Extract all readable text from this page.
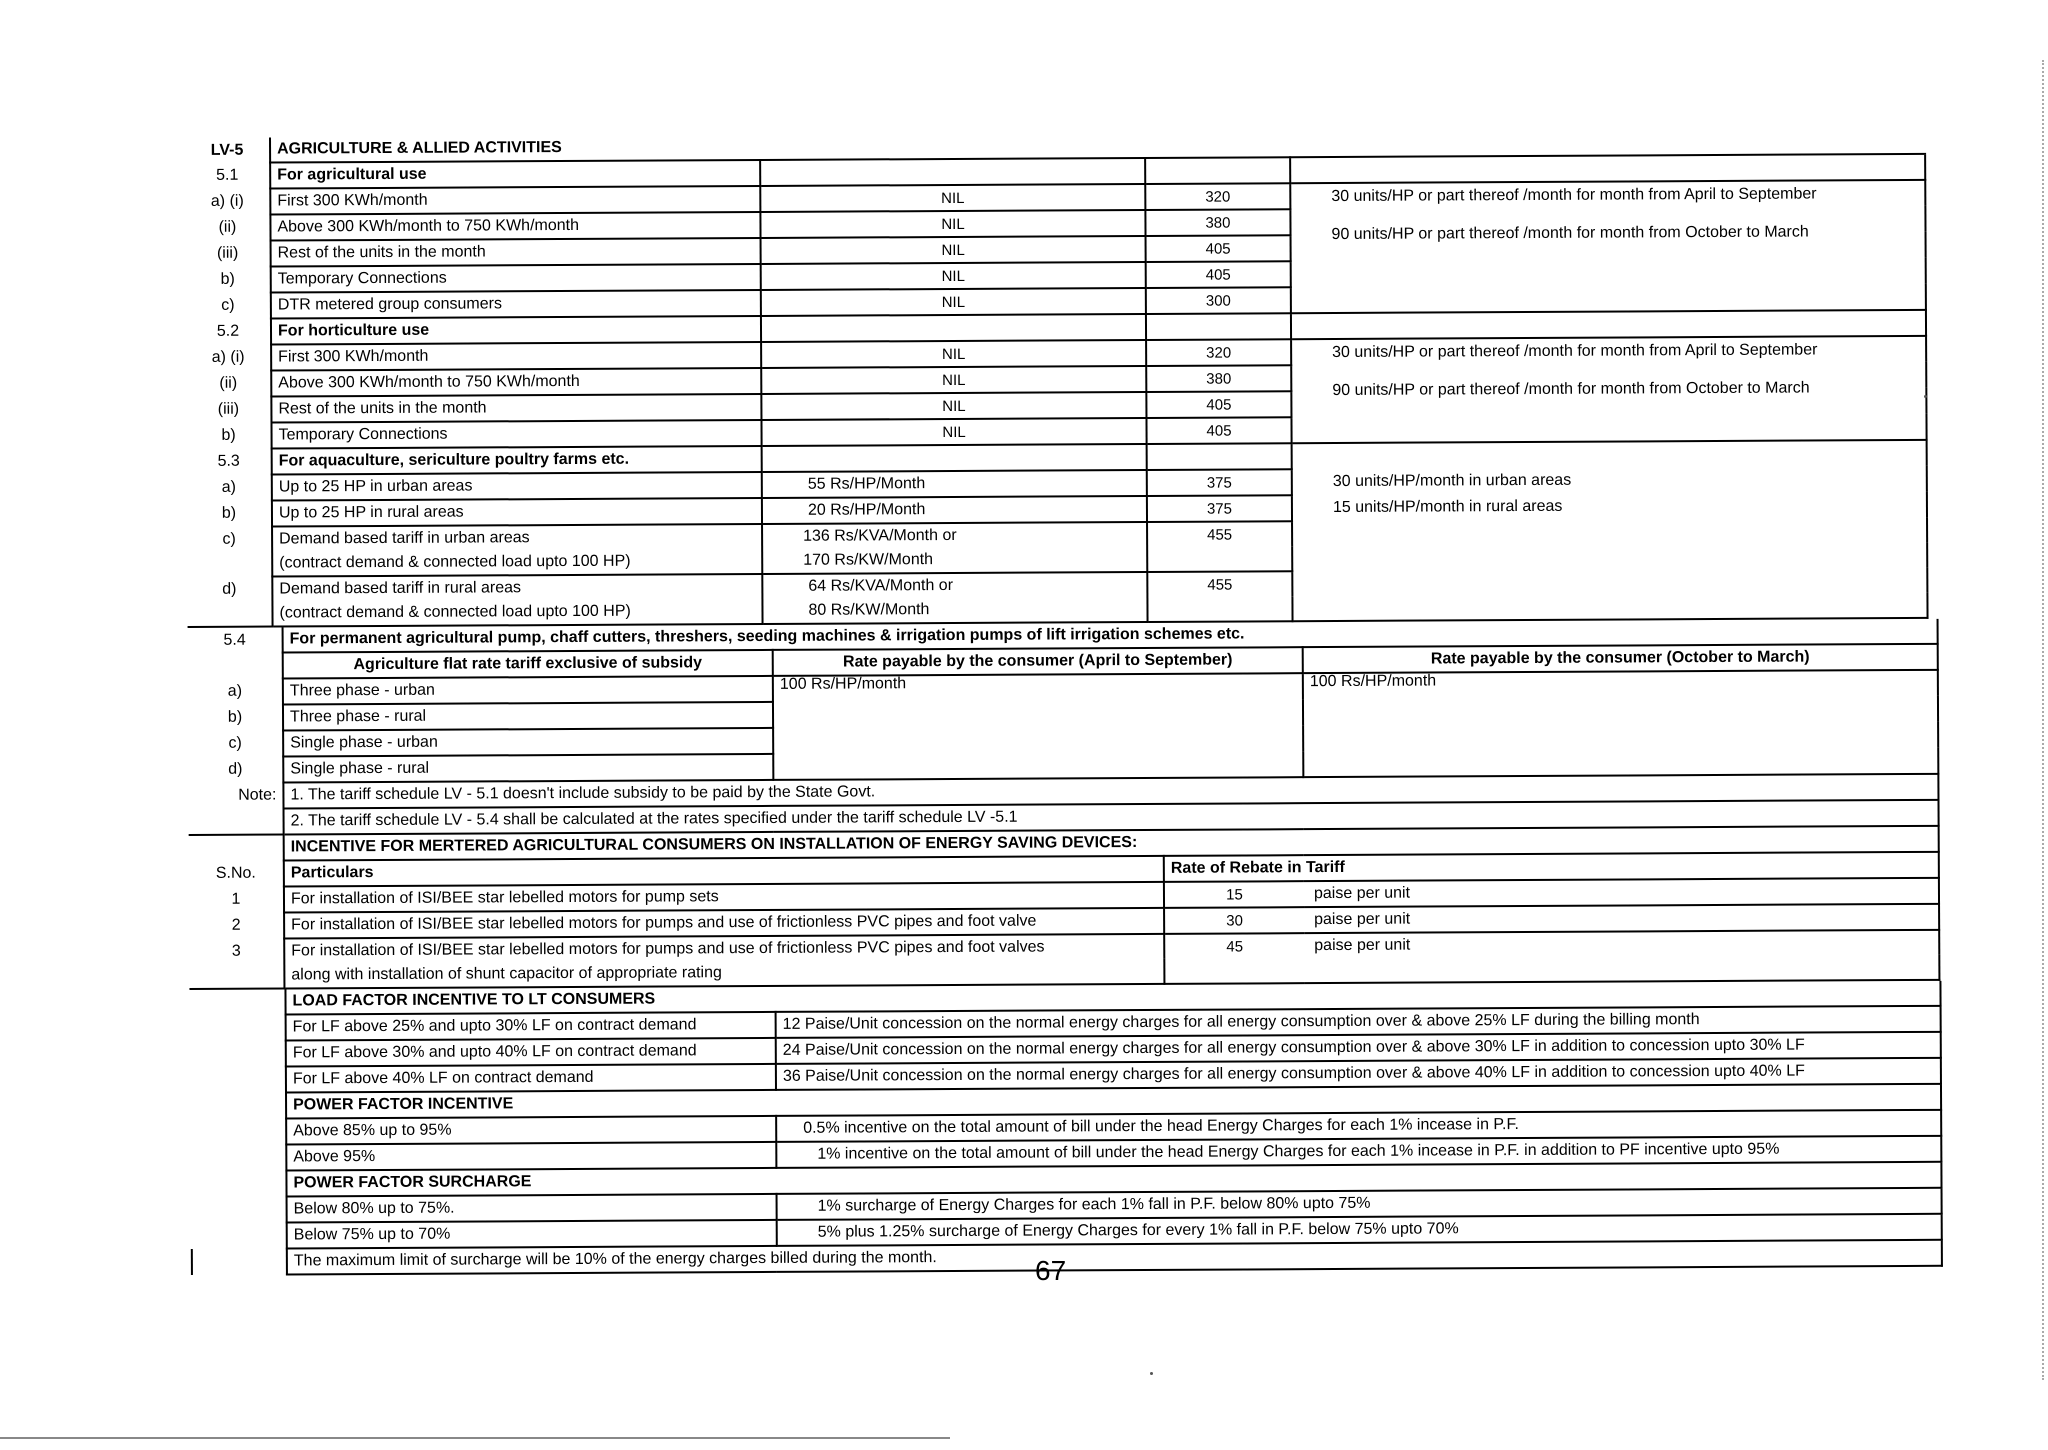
LV-5	AGRICULTURE & ALLIED ACTIVITIES			
5.1	For agricultural use			
a) (i)	First 300 KWh/month	NIL	320	30 units/HP or part thereof /month for month from April to September
(ii)	Above 300 KWh/month to 750 KWh/month	NIL	380	90 units/HP or part thereof /month for month from October to March
(iii)	Rest of the units in the month	NIL	405	
b)	Temporary Connections	NIL	405	
c)	DTR metered group consumers	NIL	300	
5.2	For horticulture use			
a) (i)	First 300 KWh/month	NIL	320	30 units/HP or part thereof /month for month from April to September
(ii)	Above 300 KWh/month to 750 KWh/month	NIL	380	90 units/HP or part thereof /month for month from October to March
(iii)	Rest of the units in the month	NIL	405	
b)	Temporary Connections	NIL	405	
5.3	For aquaculture, sericulture poultry farms etc.			
a)	Up to 25 HP in urban areas	55 Rs/HP/Month	375	30 units/HP/month in urban areas
b)	Up to 25 HP in rural areas	20 Rs/HP/Month	375	15 units/HP/month in rural areas
c)	Demand based tariff in urban areas	136 Rs/KVA/Month or	455	
	(contract demand & connected load upto 100 HP)	170 Rs/KW/Month		
d)	Demand based tariff in rural areas	64 Rs/KVA/Month or	455	
	(contract demand & connected load upto 100 HP)	80 Rs/KW/Month		
5.4	For permanent agricultural pump, chaff cutters, threshers, seeding machines & irrigation pumps of lift irrigation schemes etc.		
	Agriculture flat rate tariff exclusive of subsidy	Rate payable by the consumer (April to September)	Rate payable by the consumer (October to March)
a)	Three phase - urban	100 Rs/HP/month	100 Rs/HP/month
b)	Three phase - rural		
c)	Single phase - urban		
d)	Single phase - rural		
Note:	1. The tariff schedule LV - 5.1 doesn't include subsidy to be paid by the State Govt.		
	2. The tariff schedule LV - 5.4 shall be calculated at the rates specified under the tariff schedule LV -5.1		
	INCENTIVE FOR MERTERED AGRICULTURAL CONSUMERS ON INSTALLATION OF ENERGY SAVING DEVICES:		
S.No.	Particulars	Rate of Rebate in Tariff	
1	For installation of ISI/BEE star lebelled motors for pump sets	15	paise per unit
2	For installation of ISI/BEE star lebelled motors for pumps and use of frictionless PVC pipes and foot valve	30	paise per unit
3	For installation of ISI/BEE star lebelled motors for pumps and use of frictionless PVC pipes and foot valves	45	paise per unit
	along with installation of shunt capacitor of appropriate rating		
	LOAD FACTOR INCENTIVE TO LT CONSUMERS	
	For LF above 25% and upto 30% LF on contract demand	12 Paise/Unit concession on the normal energy charges for all energy consumption over & above 25% LF during the billing month
	For LF above 30% and upto 40% LF on contract demand	24 Paise/Unit concession on the normal energy charges for all energy consumption over & above 30% LF in addition to concession upto 30% LF
	For LF above 40% LF on contract demand	36 Paise/Unit concession on the normal energy charges for all energy consumption over & above 40% LF in addition to concession upto 40% LF
	POWER FACTOR INCENTIVE	
	Above 85% up to 95%	0.5% incentive on the total amount of bill under the head Energy Charges for each 1% incease in P.F.
	Above 95%	1% incentive on the total amount of bill under the head Energy Charges for each 1% incease in P.F. in addition to PF incentive upto 95%
	POWER FACTOR SURCHARGE	
	Below 80% up to 75%.	1% surcharge of Energy Charges for each 1% fall in P.F. below 80% upto 75%
	Below 75% up to 70%	5% plus 1.25% surcharge of Energy Charges for every 1% fall in P.F. below 75% upto 70%
	The maximum limit of surcharge will be 10% of the energy charges billed during the month.		67
